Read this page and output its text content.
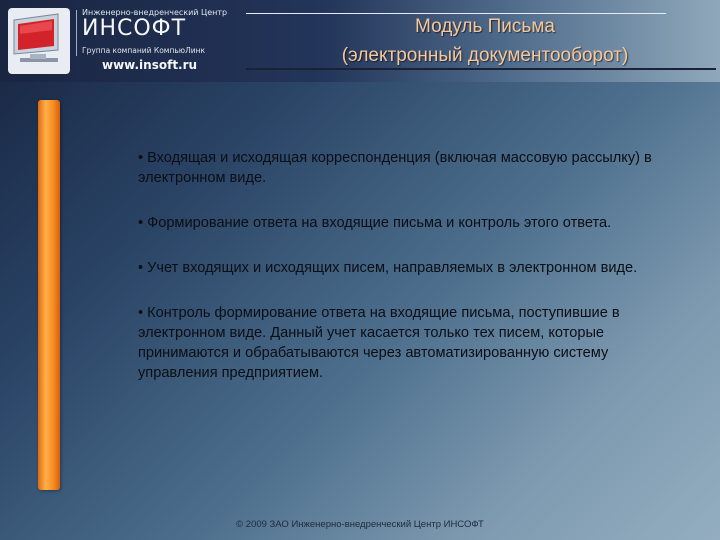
Инженерно-внедренческий Центр
ИНСОФТ
Группа компаний КомпьюЛинк
www.insoft.ru
Модуль Письма
(электронный документооборот)
• Входящая и исходящая корреспонденция (включая массовую рассылку) в электронном виде.
• Формирование ответа на входящие письма и контроль этого ответа.
• Учет входящих и исходящих писем, направляемых в электронном виде.
• Контроль формирование ответа на входящие письма, поступившие в электронном виде. Данный учет касается только тех писем, которые принимаются и обрабатываются через автоматизированную систему управления предприятием.
© 2009 ЗАО Инженерно-внедренческий Центр ИНСОФТ
